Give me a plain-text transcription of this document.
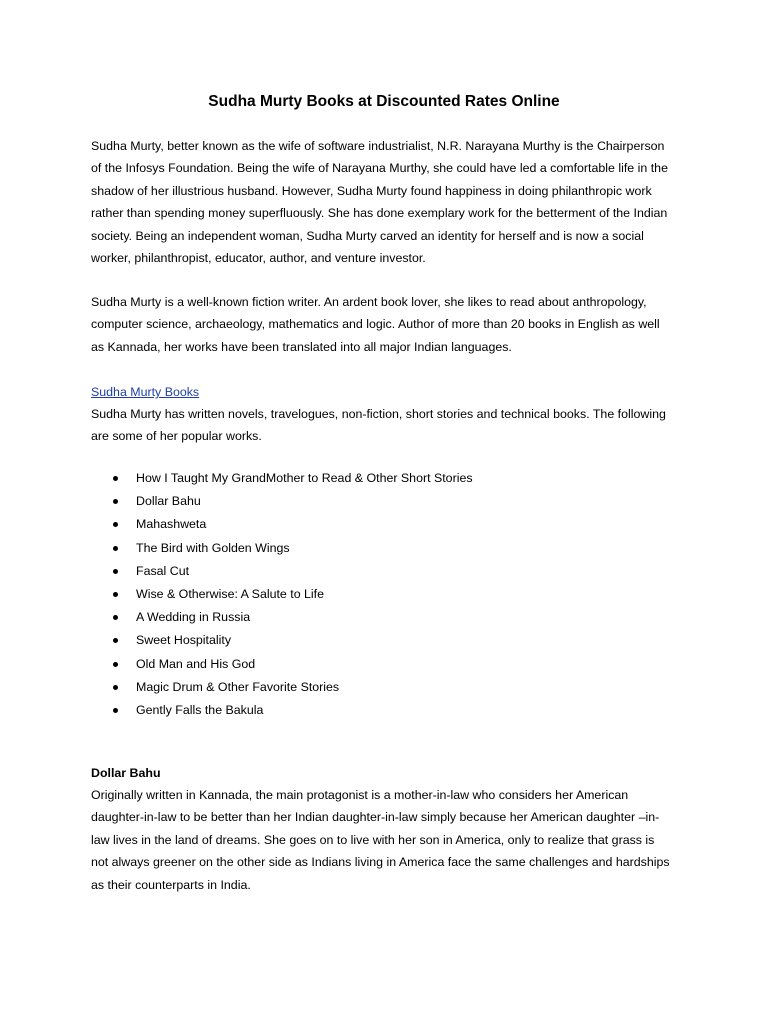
Sudha Murty Books at Discounted Rates Online

Sudha Murty, better known as the wife of software industrialist, N.R. Narayana Murthy is the Chairperson
of the Infosys Foundation. Being the wife of Narayana Murthy, she could have led a comfortable life in the
shadow of her illustrious husband. However, Sudha Murty found happiness in doing philanthropic work
rather than spending money superfluously. She has done exemplary work for the betterment of the Indian
society. Being an independent woman, Sudha Murty carved an identity for herself and is now a social
worker, philanthropist, educator, author, and venture investor.

Sudha Murty is a well-known fiction writer. An ardent book lover, she likes to read about anthropology,
computer science, archaeology, mathematics and logic. Author of more than 20 books in English as well
as Kannada, her works have been translated into all major Indian languages.

Sudha Murty Books

Sudha Murty has written novels, travelogues, non-fiction, short stories and technical books. The following
are some of her popular works.

How I Taught My GrandMother to Read & Other Short Stories
Dollar Bahu
Mahashweta
The Bird with Golden Wings
Fasal Cut
Wise & Otherwise: A Salute to Life
A Wedding in Russia
Sweet Hospitality
Old Man and His God
Magic Drum & Other Favorite Stories
Gently Falls the Bakula
Dollar Bahu

Originally written in Kannada, the main protagonist is a mother-in-law who considers her American
daughter-in-law to be better than her Indian daughter-in-law simply because her American daughter –in-
law lives in the land of dreams. She goes on to live with her son in America, only to realize that grass is
not always greener on the other side as Indians living in America face the same challenges and hardships
as their counterparts in India.
